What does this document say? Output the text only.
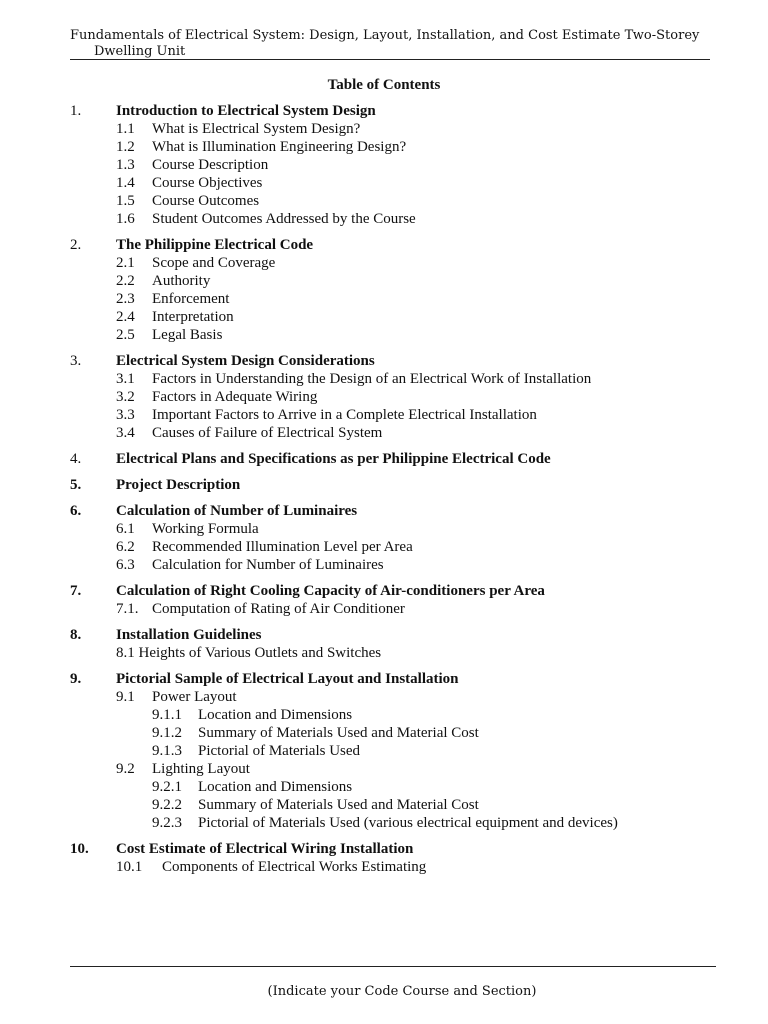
Fundamentals of Electrical System: Design, Layout, Installation, and Cost Estimate Two-Storey
Dwelling Unit
Table of Contents
1. Introduction to Electrical System Design
1.1 What is Electrical System Design?
1.2 What is Illumination Engineering Design?
1.3 Course Description
1.4 Course Objectives
1.5 Course Outcomes
1.6 Student Outcomes Addressed by the Course
2. The Philippine Electrical Code
2.1 Scope and Coverage
2.2 Authority
2.3 Enforcement
2.4 Interpretation
2.5 Legal Basis
3. Electrical System Design Considerations
3.1 Factors in Understanding the Design of an Electrical Work of Installation
3.2 Factors in Adequate Wiring
3.3 Important Factors to Arrive in a Complete Electrical Installation
3.4 Causes of Failure of Electrical System
4. Electrical Plans and Specifications as per Philippine Electrical Code
5. Project Description
6. Calculation of Number of Luminaires
6.1 Working Formula
6.2 Recommended Illumination Level per Area
6.3 Calculation for Number of Luminaires
7. Calculation of Right Cooling Capacity of Air-conditioners per Area
7.1. Computation of Rating of Air Conditioner
8. Installation Guidelines
8.1 Heights of Various Outlets and Switches
9. Pictorial Sample of Electrical Layout and Installation
9.1 Power Layout
9.1.1 Location and Dimensions
9.1.2 Summary of Materials Used and Material Cost
9.1.3 Pictorial of Materials Used
9.2 Lighting Layout
9.2.1 Location and Dimensions
9.2.2 Summary of Materials Used and Material Cost
9.2.3 Pictorial of Materials Used (various electrical equipment and devices)
10. Cost Estimate of Electrical Wiring Installation
10.1 Components of Electrical Works Estimating
(Indicate your Code Course and Section)
